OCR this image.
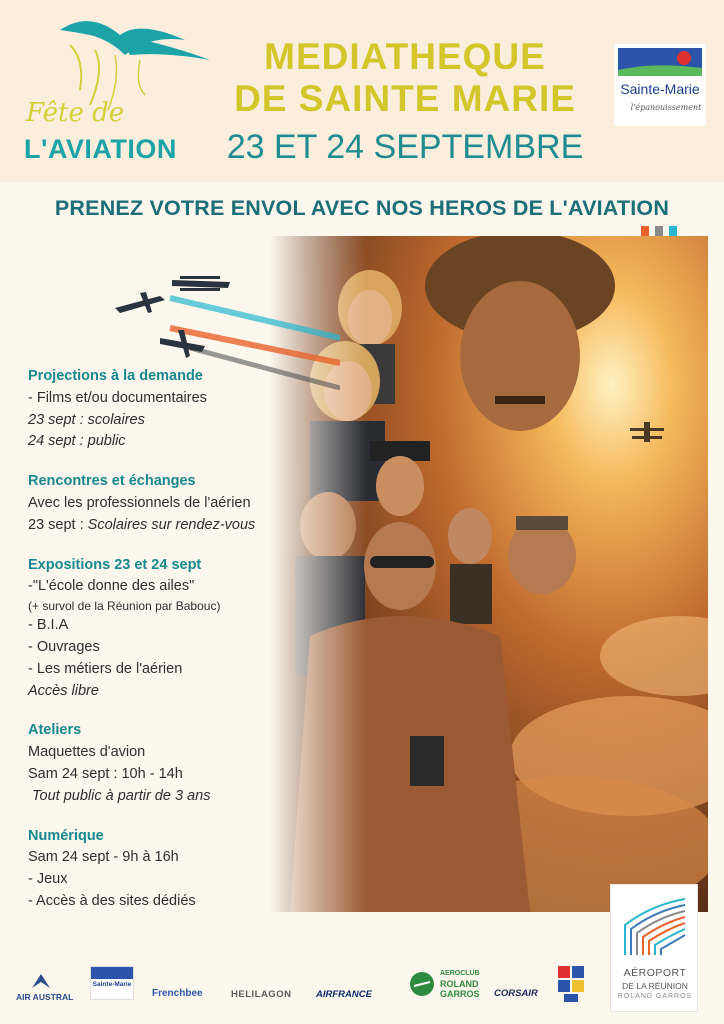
Fête de
L'AVIATION
MEDIATHEQUE
DE SAINTE MARIE
23 ET 24 SEPTEMBRE
Sainte-Marie
l'épanouissement
PRENEZ VOTRE ENVOL AVEC NOS HEROS DE L'AVIATION
Projections à la demande
- Films et/ou documentaires
23 sept : scolaires
24 sept : public
Rencontres et échanges
Avec les professionnels de l'aérien
23 sept : Scolaires sur rendez-vous
Expositions 23 et 24 sept
-"L'école donne des ailes"
(+ survol de la Réunion par Babouc)
- B.I.A
- Ouvrages
- Les métiers de l'aérien
Accès libre
Ateliers
Maquettes d'avion
Sam 24 sept : 10h - 14h
Tout public à partir de 3 ans
Numérique
Sam 24 sept - 9h à 16h
- Jeux
- Accès à des sites dédiés
AÉROPORT
DE LA RÉUNION
ROLAND GARROS
AIR AUSTRAL
Sainte-Marie
Frenchbee	HELILAGON	AIRFRANCE
AEROCLUB
ROLAND
GARROS CORSAIR
